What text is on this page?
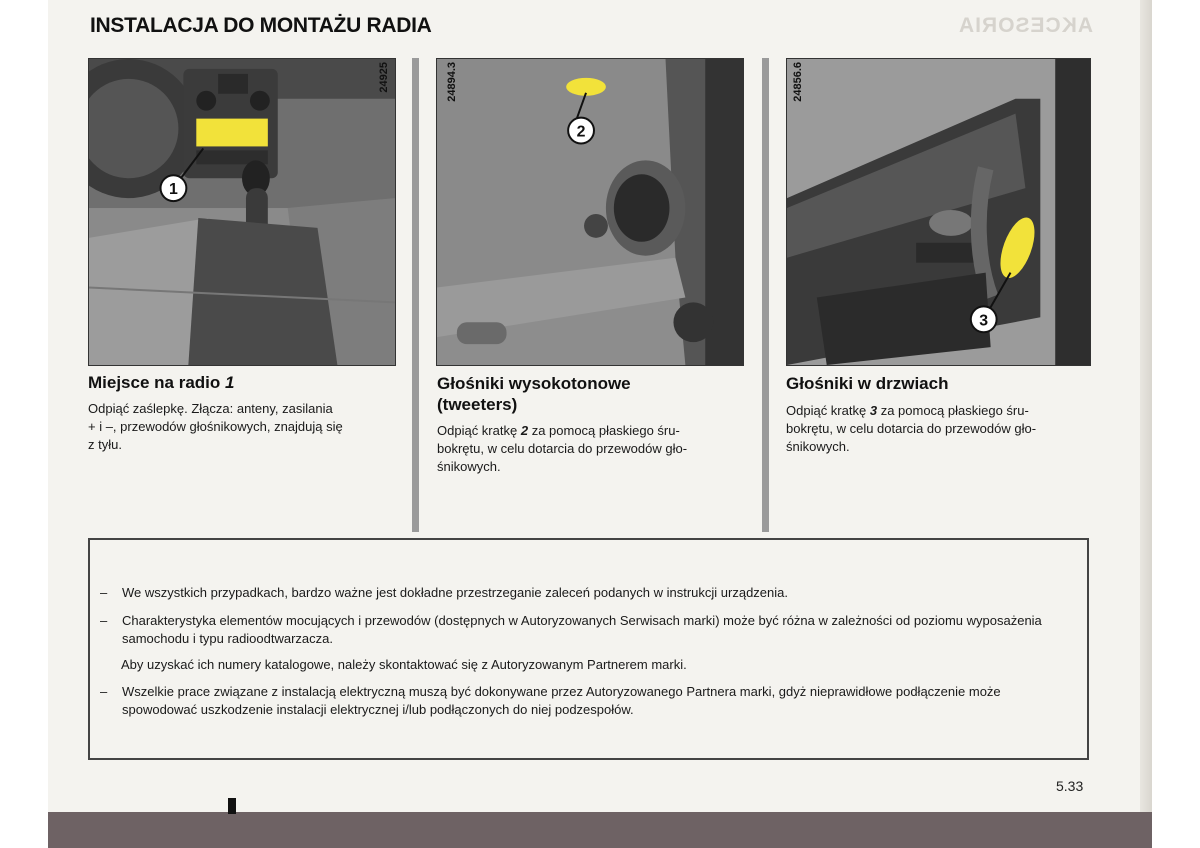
AKCESORIA
INSTALACJA DO MONTAŻU RADIA
1
24925
2
24894.3
3
24856.6
Miejsce na radio 1
Odpiąć zaślepkę. Złącza: anteny, zasilania
+ i –, przewodów głośnikowych, znajdują się
z tyłu.
Głośniki wysokotonowe
(tweeters)
Odpiąć kratkę 2 za pomocą płaskiego śru-
bokrętu, w celu dotarcia do przewodów gło-
śnikowych.
Głośniki w drzwiach
Odpiąć kratkę 3 za pomocą płaskiego śru-
bokrętu, w celu dotarcia do przewodów gło-
śnikowych.
–	We wszystkich przypadkach, bardzo ważne jest dokładne przestrzeganie zaleceń podanych w instrukcji urządzenia.
–	Charakterystyka elementów mocujących i przewodów (dostępnych w Autoryzowanych Serwisach marki) może być różna w zależności od poziomu wyposażenia samochodu i typu radioodtwarzacza.
Aby uzyskać ich numery katalogowe, należy skontaktować się z Autoryzowanym Partnerem marki.
–	Wszelkie prace związane z instalacją elektryczną muszą być dokonywane przez Autoryzowanego Partnera marki, gdyż nieprawidłowe podłączenie może spowodować uszkodzenie instalacji elektrycznej i/lub podłączonych do niej podzespołów.
5.33
